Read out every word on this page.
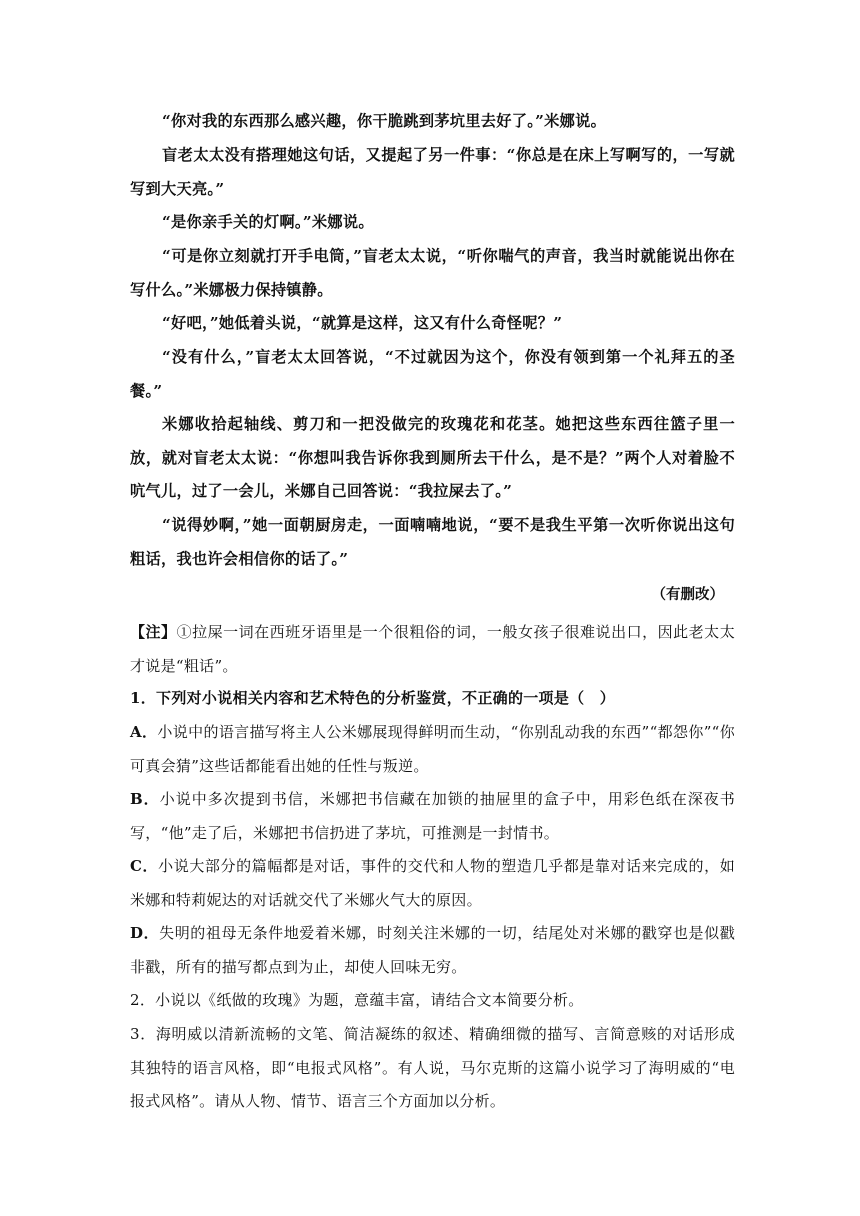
“你对我的东西那么感兴趣，你干脆跳到茅坑里去好了。”米娜说。

盲老太太没有搭理她这句话，又提起了另一件事：“你总是在床上写啊写的，一写就写到大天亮。”

“是你亲手关的灯啊。”米娜说。

“可是你立刻就打开手电筒，”盲老太太说，“听你喘气的声音，我当时就能说出你在写什么。”米娜极力保持镇静。

“好吧，”她低着头说，“就算是这样，这又有什么奇怪呢？”

“没有什么，”盲老太太回答说，“不过就因为这个，你没有领到第一个礼拜五的圣餐。”

米娜收拾起轴线、剪刀和一把没做完的玫瑰花和花茎。她把这些东西往篮子里一放，就对盲老太太说：“你想叫我告诉你我到厕所去干什么，是不是？”两个人对着脸不吭气儿，过了一会儿，米娜自己回答说：“我拉屎去了。”

“说得妙啊，”她一面朝厨房走，一面喃喃地说，“要不是我生平第一次听你说出这句粗话，我也许会相信你的话了。”

（有删改）

【注】①拉屎一词在西班牙语里是一个很粗俗的词，一般女孩子很难说出口，因此老太太才说是“粗话”。

1．下列对小说相关内容和艺术特色的分析鉴赏，不正确的一项是（　）

A．小说中的语言描写将主人公米娜展现得鲜明而生动，“你别乱动我的东西”“都怨你”“你可真会猜”这些话都能看出她的任性与叛逆。

B．小说中多次提到书信，米娜把书信藏在加锁的抽屉里的盒子中，用彩色纸在深夜书写，“他”走了后，米娜把书信扔进了茅坑，可推测是一封情书。

C．小说大部分的篇幅都是对话，事件的交代和人物的塑造几乎都是靠对话来完成的，如米娜和特莉妮达的对话就交代了米娜火气大的原因。

D．失明的祖母无条件地爱着米娜，时刻关注米娜的一切，结尾处对米娜的戳穿也是似戳非戳，所有的描写都点到为止，却使人回味无穷。

2．小说以《纸做的玫瑰》为题，意蕴丰富，请结合文本简要分析。

3．海明威以清新流畅的文笔、简洁凝练的叙述、精确细微的描写、言简意赅的对话形成其独特的语言风格，即“电报式风格”。有人说，马尔克斯的这篇小说学习了海明威的“电报式风格”。请从人物、情节、语言三个方面加以分析。
